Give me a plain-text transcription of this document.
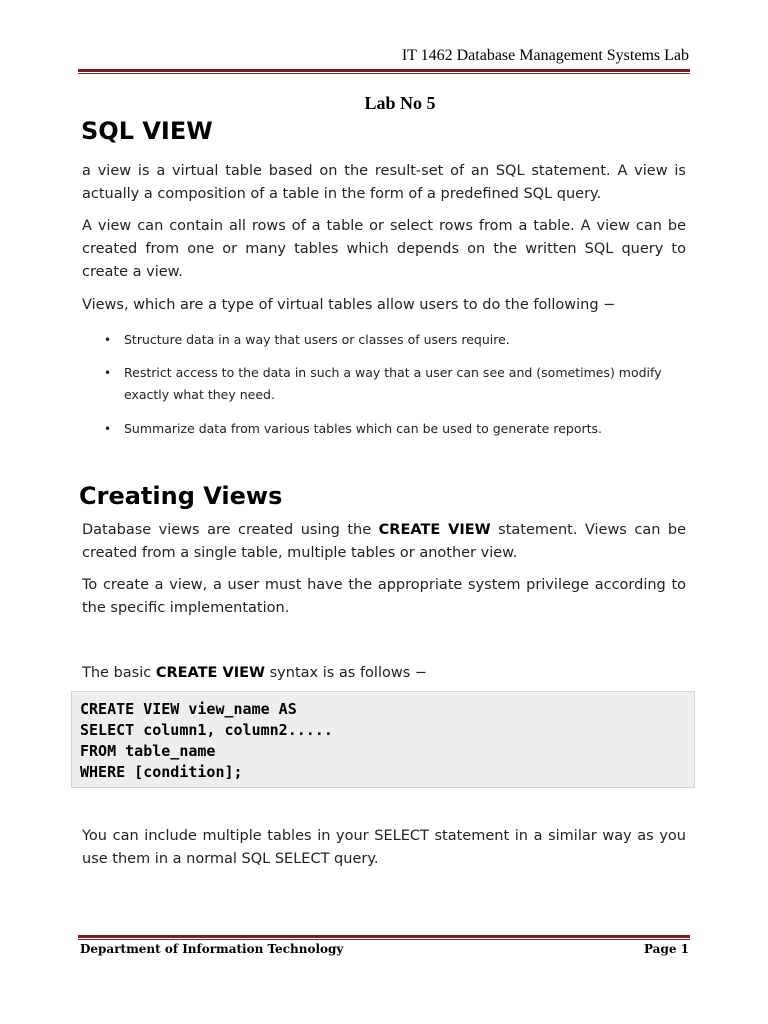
IT 1462 Database Management Systems Lab
Lab No 5
SQL VIEW

a view is a virtual table based on the result-set of an SQL statement. A view is actually a composition of a table in the form of a predefined SQL query.

A view can contain all rows of a table or select rows from a table. A view can be created from one or many tables which depends on the written SQL query to create a view.

Views, which are a type of virtual tables allow users to do the following −

• Structure data in a way that users or classes of users require.
• Restrict access to the data in such a way that a user can see and (sometimes) modify exactly what they need.
• Summarize data from various tables which can be used to generate reports.
Creating Views

Database views are created using the CREATE VIEW statement. Views can be created from a single table, multiple tables or another view.

To create a view, a user must have the appropriate system privilege according to the specific implementation.

The basic CREATE VIEW syntax is as follows −

CREATE VIEW view_name AS
SELECT column1, column2.....
FROM table_name
WHERE [condition];

You can include multiple tables in your SELECT statement in a similar way as you use them in a normal SQL SELECT query.

Department of Information Technology	Page 1
